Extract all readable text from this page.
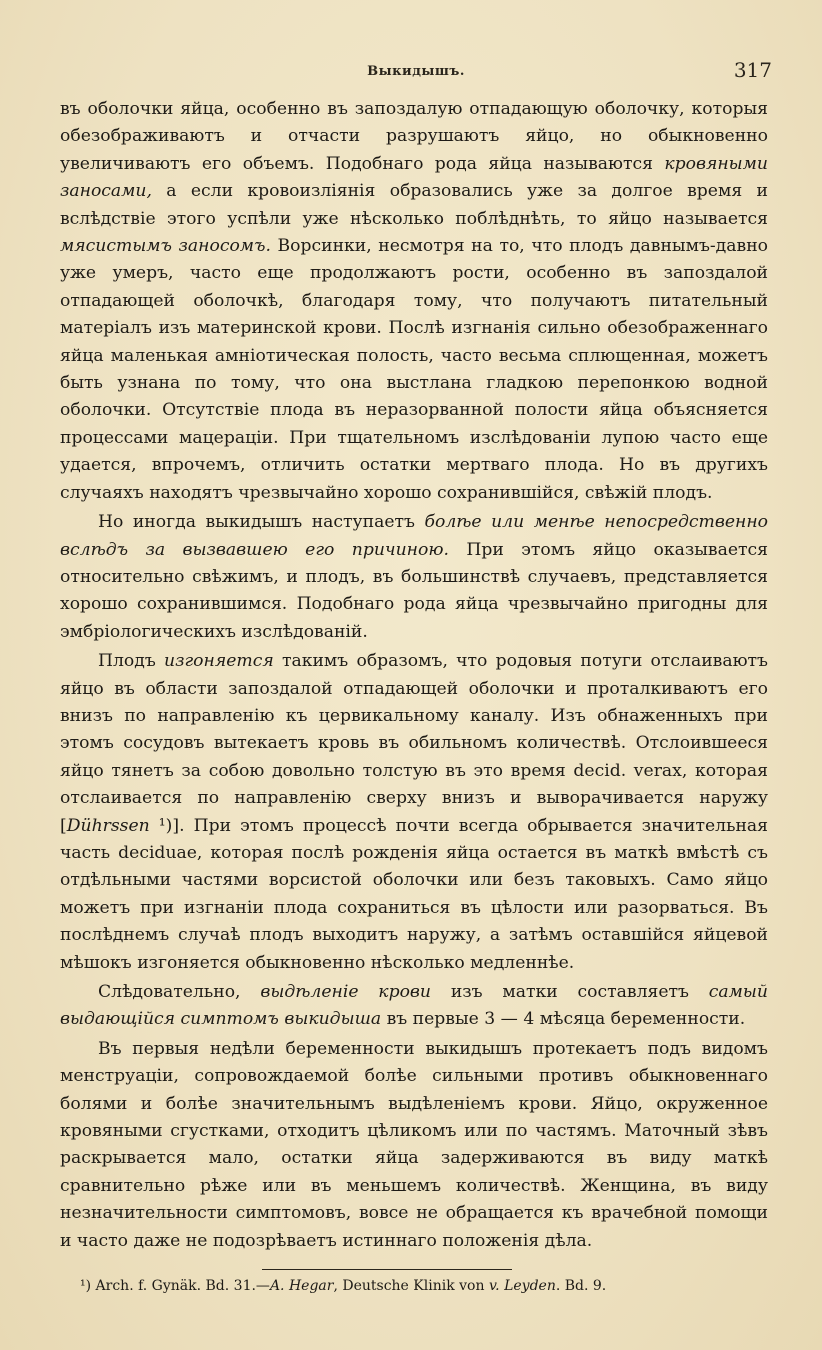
Выкидышъ.	317

въ оболочки яйца, особенно въ запоздалую отпадающую оболочку, которыя обезображиваютъ и отчасти разрушаютъ яйцо, но обыкновенно увеличиваютъ его объемъ. Подобнаго рода яйца называются кровяными заносами, а если кровоизлiянiя образовались уже за долгое время и вслѣдствiе этого успѣли уже нѣсколько поблѣднѣть, то яйцо называется мясистымъ заносомъ. Ворсинки, несмотря на то, что плодъ давнымъ-давно уже умеръ, часто еще продолжаютъ рости, особенно въ запоздалой отпадающей оболочкѣ, благодаря тому, что получаютъ питательный матерiалъ изъ материнской крови. Послѣ изгнанiя сильно обезображеннаго яйца маленькая амнiотическая полость, часто весьма сплющенная, можетъ быть узнана по тому, что она выстлана гладкою перепонкою водной оболочки. Отсутствiе плода въ неразорванной полости яйца объясняется процессами мацерацiи. При тщательномъ изслѣдованiи лупою часто еще удается, впрочемъ, отличить остатки мертваго плода. Но въ другихъ случаяхъ находятъ чрезвычайно хорошо сохранившiйся, свѣжiй плодъ.

Но иногда выкидышъ наступаетъ болѣе или менѣе непосредственно вслѣдъ за вызвавшею его причиною. При этомъ яйцо оказывается относительно свѣжимъ, и плодъ, въ большинствѣ случаевъ, представляется хорошо сохранившимся. Подобнаго рода яйца чрезвычайно пригодны для эмбрiологическихъ изслѣдованiй.

Плодъ изгоняется такимъ образомъ, что родовыя потуги отслаиваютъ яйцо въ области запоздалой отпадающей оболочки и проталкиваютъ его внизъ по направленiю къ цервикальному каналу. Изъ обнаженныхъ при этомъ сосудовъ вытекаетъ кровь въ обильномъ количествѣ. Отслоившееся яйцо тянетъ за собою довольно толстую въ это время decid. verax, которая отслаивается по направленiю сверху внизъ и выворачивается наружу [Dührssen ¹)]. При этомъ процессѣ почти всегда обрывается значительная часть deciduae, которая послѣ рожденiя яйца остается въ маткѣ вмѣстѣ съ отдѣльными частями ворсистой оболочки или безъ таковыхъ. Само яйцо можетъ при изгнанiи плода сохраниться въ цѣлости или разорваться. Въ послѣднемъ случаѣ плодъ выходитъ наружу, а затѣмъ оставшiйся яйцевой мѣшокъ изгоняется обыкновенно нѣсколько медленнѣе.

Слѣдовательно, выдѣленiе крови изъ матки составляетъ самый выдающiйся симптомъ выкидыша въ первые 3 — 4 мѣсяца беременности.

Въ первыя недѣли беременности выкидышъ протекаетъ подъ видомъ менструацiи, сопровождаемой болѣе сильными противъ обыкновеннаго болями и болѣе значительнымъ выдѣленiемъ крови. Яйцо, окруженное кровяными сгустками, отходитъ цѣликомъ или по частямъ. Маточный зѣвъ раскрывается мало, остатки яйца задерживаются въ виду маткѣ сравнительно рѣже или въ меньшемъ количествѣ. Женщина, въ виду незначительности симптомовъ, вовсе не обращается къ врачебной помощи и часто даже не подозрѣваетъ истиннаго положенiя дѣла.

¹) Arch. f. Gynäk. Bd. 31.—A. Hegar, Deutsche Klinik von v. Leyden. Bd. 9.
